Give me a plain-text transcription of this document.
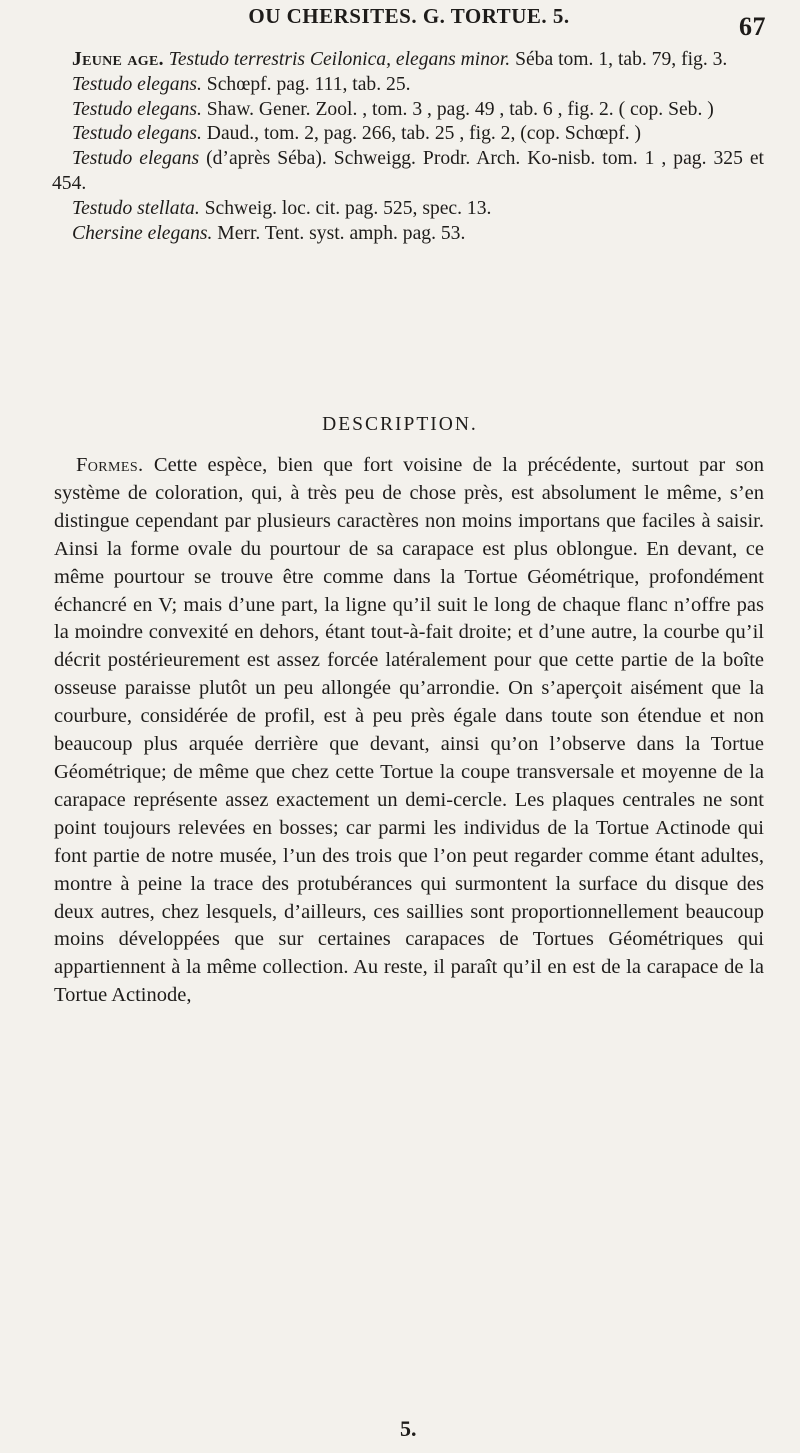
OU CHERSITES. G. TORTUE. 5.	67

Jeune age. Testudo terrestris Ceilonica, elegans minor. Séba tom. 1, tab. 79, fig. 3.

Testudo elegans. Schœpf. pag. 111, tab. 25.

Testudo elegans. Shaw. Gener. Zool. , tom. 3 , pag. 49 , tab. 6 , fig. 2. ( cop. Seb. )

Testudo elegans. Daud., tom. 2, pag. 266, tab. 25 , fig. 2, (cop. Schœpf. )

Testudo elegans (d’après Séba). Schweigg. Prodr. Arch. Ko-nisb. tom. 1 , pag. 325 et 454.

Testudo stellata. Schweig. loc. cit. pag. 525, spec. 13.

Chersine elegans. Merr. Tent. syst. amph. pag. 53.

DESCRIPTION.

Formes. Cette espèce, bien que fort voisine de la précédente, surtout par son système de coloration, qui, à très peu de chose près, est absolument le même, s’en distingue cependant par plusieurs caractères non moins importans que faciles à saisir. Ainsi la forme ovale du pourtour de sa carapace est plus oblongue. En devant, ce même pourtour se trouve être comme dans la Tortue Géométrique, profondément échancré en V; mais d’une part, la ligne qu’il suit le long de chaque flanc n’offre pas la moindre convexité en dehors, étant tout-à-fait droite; et d’une autre, la courbe qu’il décrit postérieurement est assez forcée latéralement pour que cette partie de la boîte osseuse paraisse plutôt un peu allongée qu’arrondie. On s’aperçoit aisément que la courbure, considérée de profil, est à peu près égale dans toute son étendue et non beaucoup plus arquée derrière que devant, ainsi qu’on l’observe dans la Tortue Géométrique; de même que chez cette Tortue la coupe transversale et moyenne de la carapace représente assez exactement un demi-cercle. Les plaques centrales ne sont point toujours relevées en bosses; car parmi les individus de la Tortue Actinode qui font partie de notre musée, l’un des trois que l’on peut regarder comme étant adultes, montre à peine la trace des protubérances qui surmontent la surface du disque des deux autres, chez lesquels, d’ailleurs, ces saillies sont proportionnellement beaucoup moins développées que sur certaines carapaces de Tortues Géométriques qui appartiennent à la même collection. Au reste, il paraît qu’il en est de la carapace de la Tortue Actinode,

5.
